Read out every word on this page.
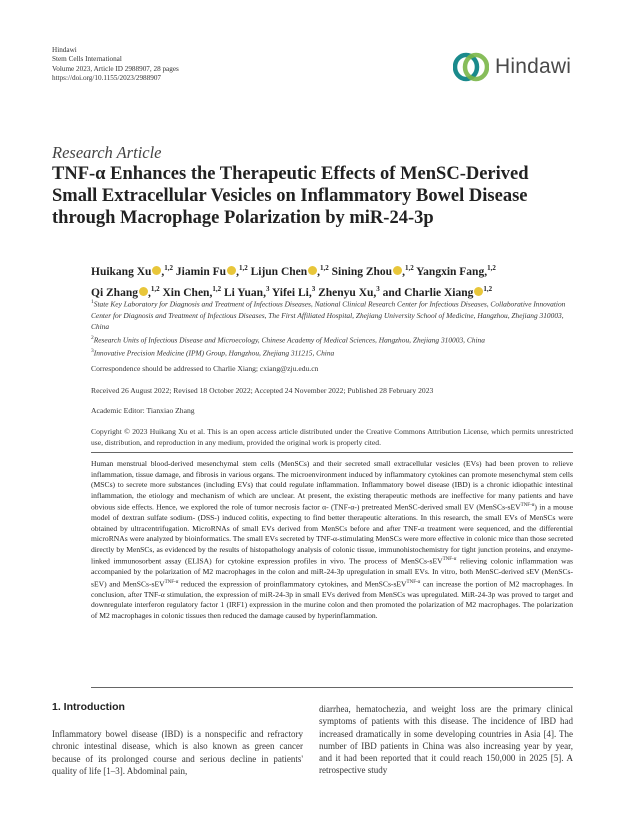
Hindawi
Stem Cells International
Volume 2023, Article ID 2988907, 28 pages
https://doi.org/10.1155/2023/2988907
Hindawi
Research Article
TNF-α Enhances the Therapeutic Effects of MenSC-Derived Small Extracellular Vesicles on Inflammatory Bowel Disease through Macrophage Polarization by miR-24-3p
Huikang Xu ,$^{1,2}$ Jiamin Fu ,$^{1,2}$ Lijun Chen ,$^{1,2}$ Sining Zhou ,$^{1,2}$ Yangxin Fang,$^{1,2}$
Qi Zhang ,$^{1,2}$ Xin Chen,$^{1,2}$ Li Yuan,$^3$ Yifei Li,$^3$ Zhenyu Xu,$^3$ and Charlie Xiang $^{1,2}$
$^1$State Key Laboratory for Diagnosis and Treatment of Infectious Diseases, National Clinical Research Center for Infectious Diseases, Collaborative Innovation Center for Diagnosis and Treatment of Infectious Diseases, The First Affiliated Hospital, Zhejiang University School of Medicine, Hangzhou, Zhejiang 310003, China
$^2$Research Units of Infectious Disease and Microecology, Chinese Academy of Medical Sciences, Hangzhou, Zhejiang 310003, China
$^3$Innovative Precision Medicine (IPM) Group, Hangzhou, Zhejiang 311215, China
Correspondence should be addressed to Charlie Xiang; cxiang@zju.edu.cn
Received 26 August 2022; Revised 18 October 2022; Accepted 24 November 2022; Published 28 February 2023
Academic Editor: Tianxiao Zhang
Copyright © 2023 Huikang Xu et al. This is an open access article distributed under the Creative Commons Attribution License, which permits unrestricted use, distribution, and reproduction in any medium, provided the original work is properly cited.
Human menstrual blood-derived mesenchymal stem cells (MenSCs) and their secreted small extracellular vesicles (EVs) had been proven to relieve inflammation, tissue damage, and fibrosis in various organs. The microenvironment induced by inflammatory cytokines can promote mesenchymal stem cells (MSCs) to secrete more substances (including EVs) that could regulate inflammation. Inflammatory bowel disease (IBD) is a chronic idiopathic intestinal inflammation, the etiology and mechanism of which are unclear. At present, the existing therapeutic methods are ineffective for many patients and have obvious side effects. Hence, we explored the role of tumor necrosis factor α- (TNF-α-) pretreated MenSC-derived small EV (MenSCs-sEV$^{TNF-\alpha}$) in a mouse model of dextran sulfate sodium- (DSS-) induced colitis, expecting to find better therapeutic alterations. In this research, the small EVs of MenSCs were obtained by ultracentrifugation. MicroRNAs of small EVs derived from MenSCs before and after TNF-α treatment were sequenced, and the differential microRNAs were analyzed by bioinformatics. The small EVs secreted by TNF-α-stimulating MenSCs were more effective in colonic mice than those secreted directly by MenSCs, as evidenced by the results of histopathology analysis of colonic tissue, immunohistochemistry for tight junction proteins, and enzyme-linked immunosorbent assay (ELISA) for cytokine expression profiles in vivo. The process of MenSCs-sEV$^{TNF-\alpha}$ relieving colonic inflammation was accompanied by the polarization of M2 macrophages in the colon and miR-24-3p upregulation in small EVs. In vitro, both MenSC-derived sEV (MenSCs-sEV) and MenSCs-sEV$^{TNF-\alpha}$ reduced the expression of proinflammatory cytokines, and MenSCs-sEV$^{TNF-\alpha}$ can increase the portion of M2 macrophages. In conclusion, after TNF-α stimulation, the expression of miR-24-3p in small EVs derived from MenSCs was upregulated. MiR-24-3p was proved to target and downregulate interferon regulatory factor 1 (IRF1) expression in the murine colon and then promoted the polarization of M2 macrophages. The polarization of M2 macrophages in colonic tissues then reduced the damage caused by hyperinflammation.
1. Introduction
Inflammatory bowel disease (IBD) is a nonspecific and refractory chronic intestinal disease, which is also known as green cancer because of its prolonged course and serious decline in patients' quality of life [1–3]. Abdominal pain,
diarrhea, hematochezia, and weight loss are the primary clinical symptoms of patients with this disease. The incidence of IBD had increased dramatically in some developing countries in Asia [4]. The number of IBD patients in China was also increasing year by year, and it had been reported that it could reach 150,000 in 2025 [5]. A retrospective study
